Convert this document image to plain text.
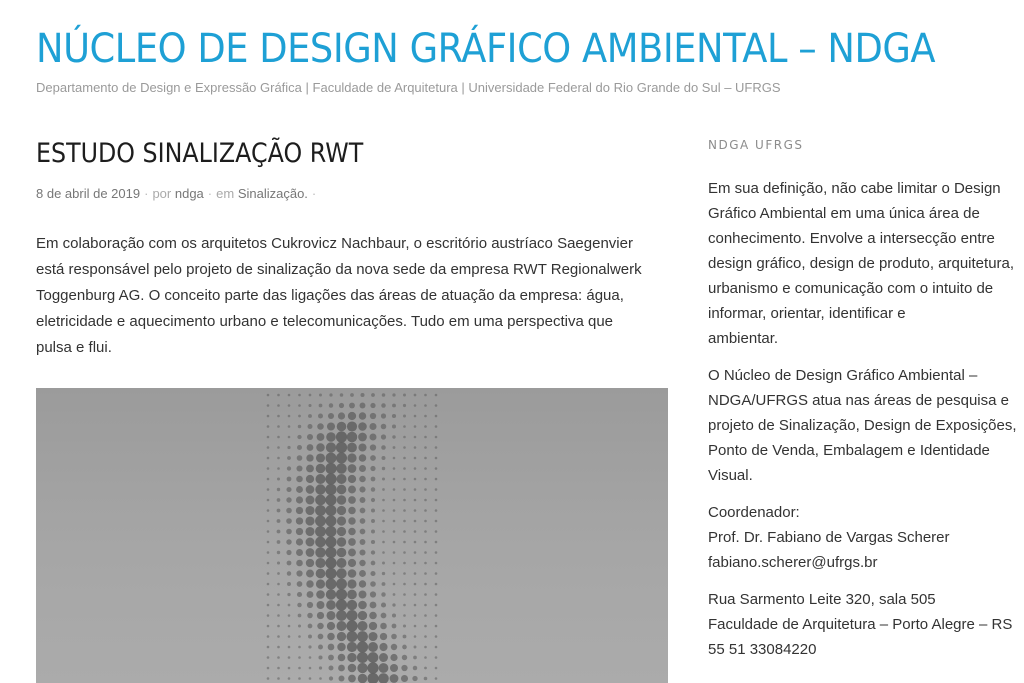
NÚCLEO DE DESIGN GRÁFICO AMBIENTAL – NDGA
Departamento de Design e Expressão Gráfica | Faculdade de Arquitetura | Universidade Federal do Rio Grande do Sul – UFRGS
ESTUDO SINALIZAÇÃO RWT
8 de abril de 2019 · por ndga · em Sinalização. ·

Em colaboração com os arquitetos Cukrovicz Nachbaur, o escritório austríaco Saegenvier está responsável pelo projeto de sinalização da nova sede da empresa RWT Regionalwerk Toggenburg AG. O conceito parte das ligações das áreas de atuação da empresa: água, eletricidade e aquecimento urbano e telecomunicações. Tudo em uma perspectiva que pulsa e flui.

NDGA UFRGS

Em sua definição, não cabe limitar o Design Gráfico Ambiental em uma única área de conhecimento. Envolve a intersecção entre design gráfico, design de produto, arquitetura, urbanismo e comunicação com o intuito de informar, orientar, identificar e
ambientar.

O Núcleo de Design Gráfico Ambiental – NDGA/UFRGS atua nas áreas de pesquisa e projeto de Sinalização, Design de Exposições, Ponto de Venda, Embalagem e Identidade Visual.

Coordenador:
Prof. Dr. Fabiano de Vargas Scherer
fabiano.scherer@ufrgs.br

Rua Sarmento Leite 320, sala 505
Faculdade de Arquitetura – Porto Alegre – RS
55 51 33084220
